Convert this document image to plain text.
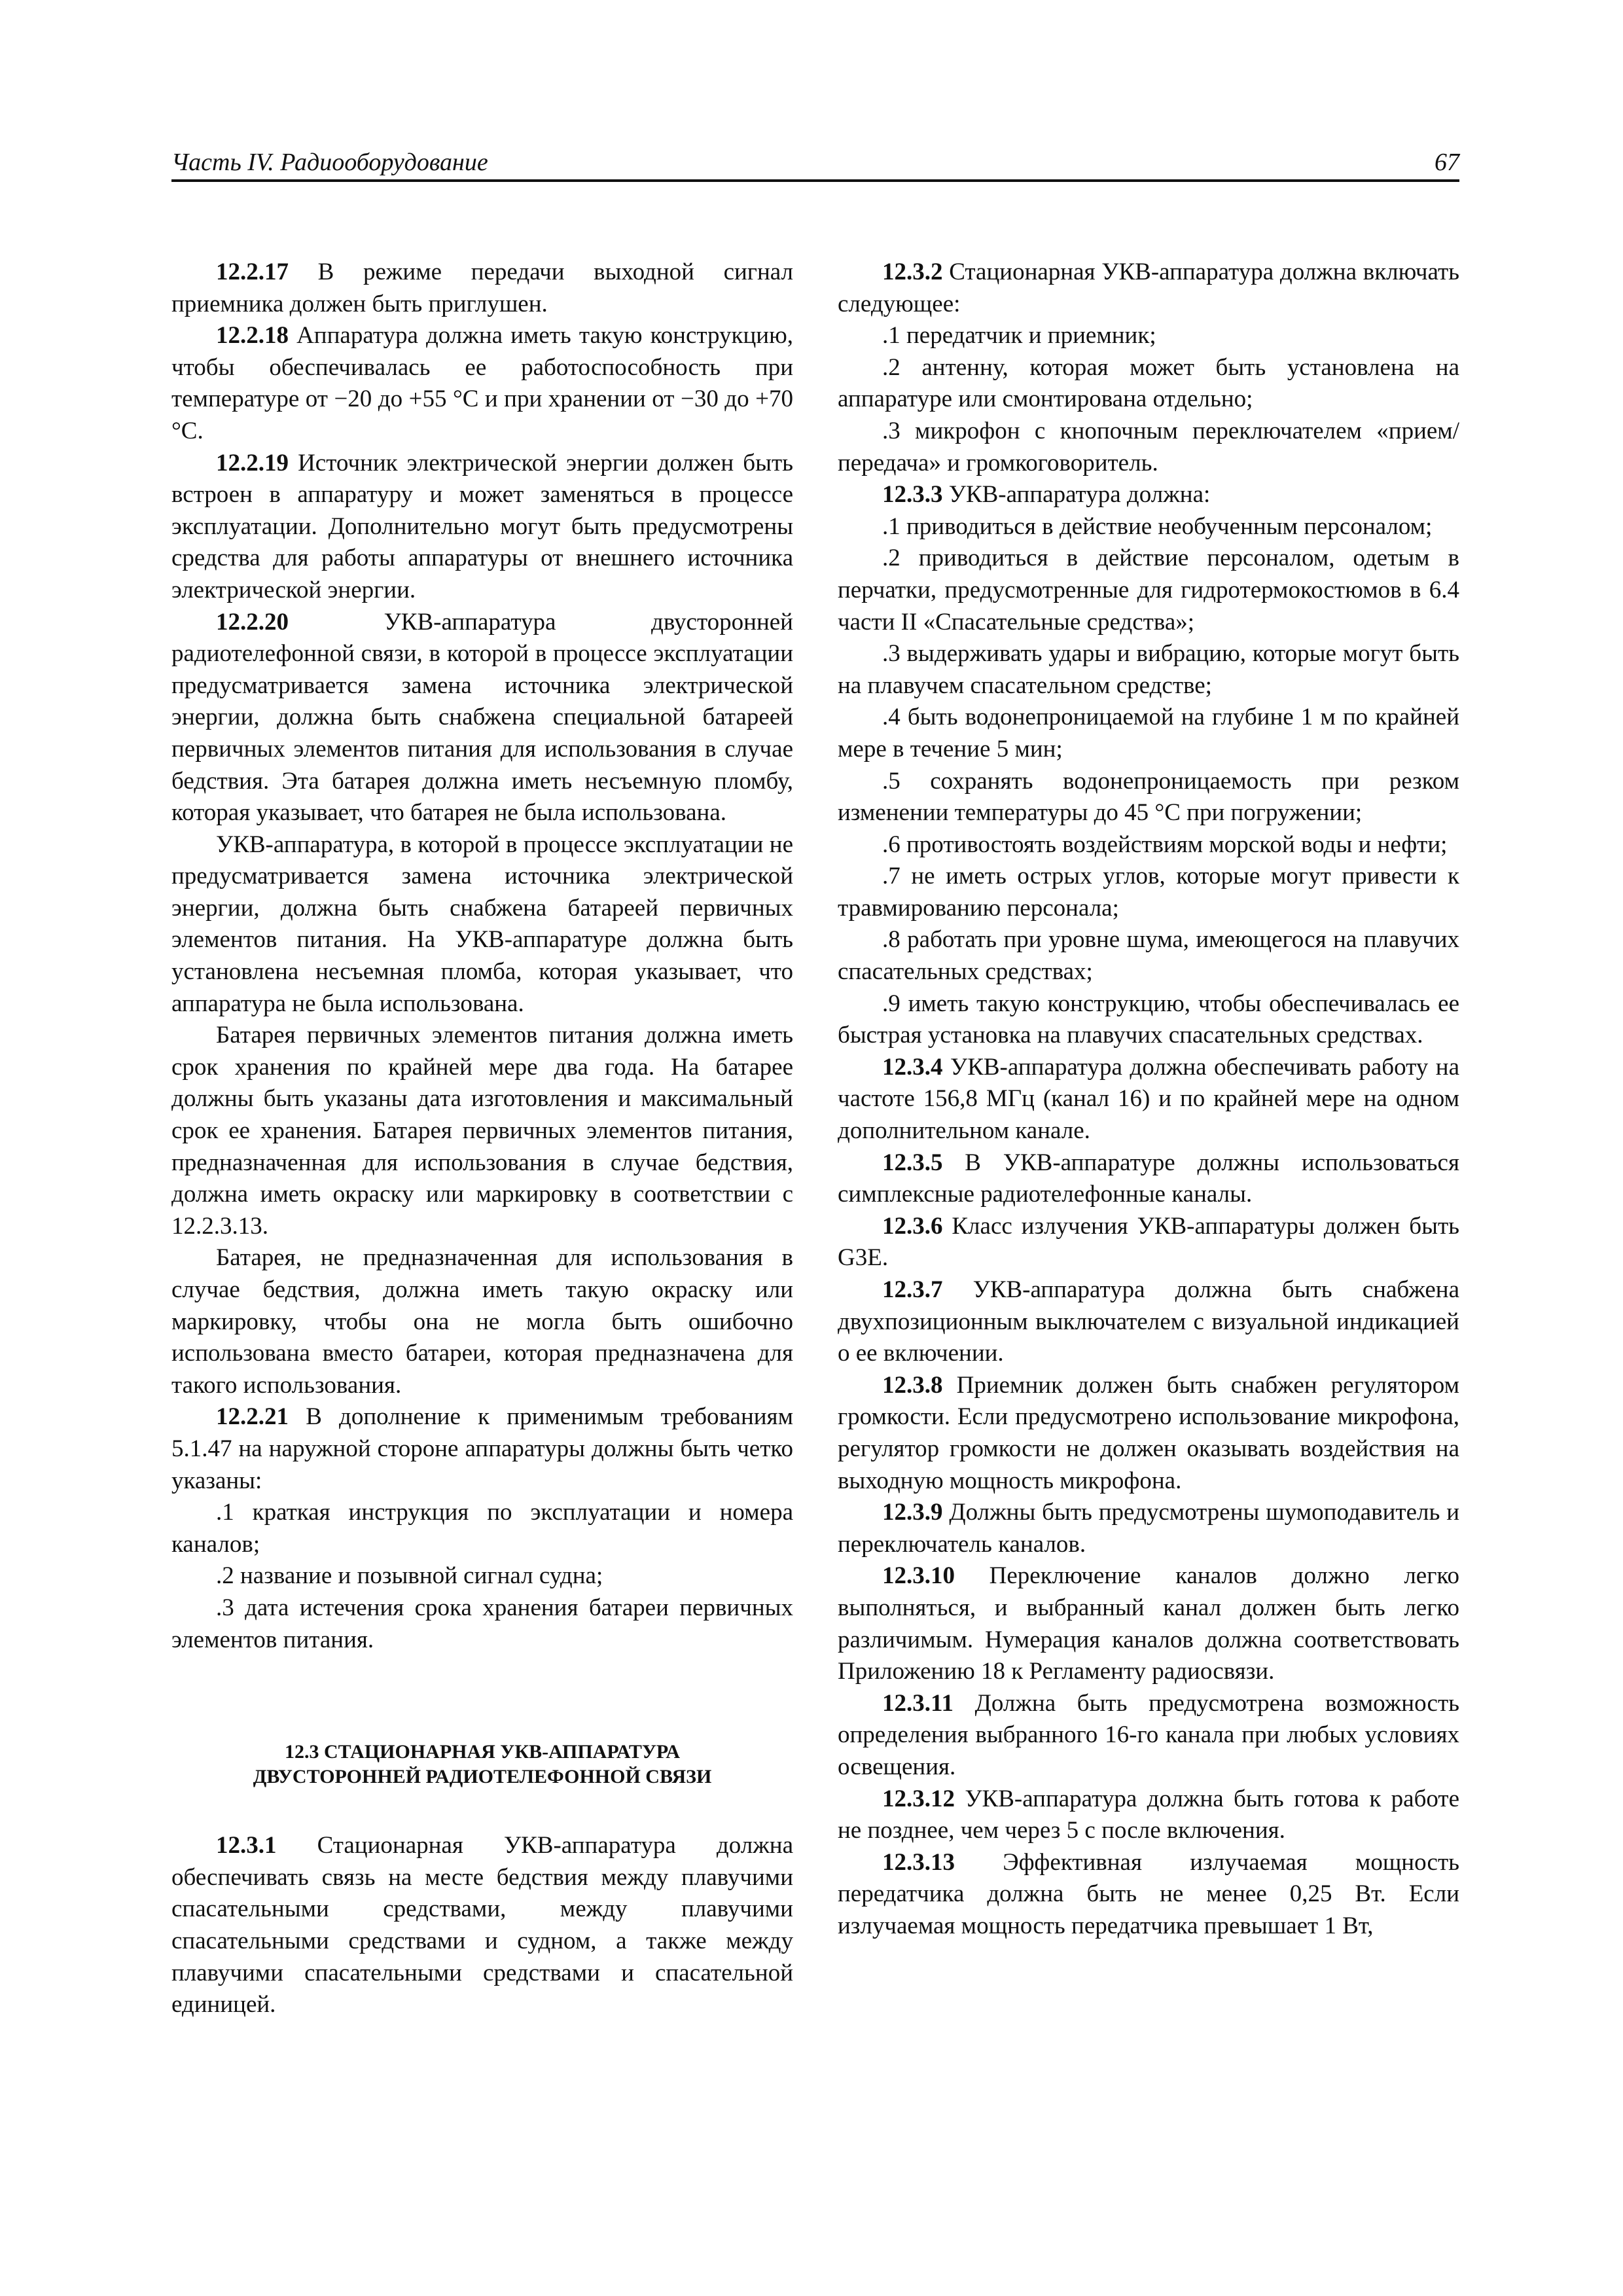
Часть IV. Радиооборудование	67

12.2.17 В режиме передачи выходной сигнал приемника должен быть приглушен.

12.2.18 Аппаратура должна иметь такую конструкцию, чтобы обеспечивалась ее работоспособность при температуре от −20 до +55 °С и при хранении от −30 до +70 °С.

12.2.19 Источник электрической энергии должен быть встроен в аппаратуру и может заменяться в процессе эксплуатации. Дополнительно могут быть предусмотрены средства для работы аппаратуры от внешнего источника электрической энергии.

12.2.20 УКВ-аппаратура двусторонней радиотелефонной связи, в которой в процессе эксплуатации предусматривается замена источника электрической энергии, должна быть снабжена специальной батареей первичных элементов питания для использования в случае бедствия. Эта батарея должна иметь несъемную пломбу, которая указывает, что батарея не была использована.

УКВ-аппаратура, в которой в процессе эксплуатации не предусматривается замена источника электрической энергии, должна быть снабжена батареей первичных элементов питания. На УКВ-аппаратуре должна быть установлена несъемная пломба, которая указывает, что аппаратура не была использована.

Батарея первичных элементов питания должна иметь срок хранения по крайней мере два года. На батарее должны быть указаны дата изготовления и максимальный срок ее хранения. Батарея первичных элементов питания, предназначенная для использования в случае бедствия, должна иметь окраску или маркировку в соответствии с 12.2.3.13.

Батарея, не предназначенная для использования в случае бедствия, должна иметь такую окраску или маркировку, чтобы она не могла быть ошибочно использована вместо батареи, которая предназначена для такого использования.

12.2.21 В дополнение к применимым требованиям 5.1.47 на наружной стороне аппаратуры должны быть четко указаны:

.1 краткая инструкция по эксплуатации и номера каналов;

.2 название и позывной сигнал судна;

.3 дата истечения срока хранения батареи первичных элементов питания.

12.3 СТАЦИОНАРНАЯ УКВ-АППАРАТУРА
ДВУСТОРОННЕЙ РАДИОТЕЛЕФОННОЙ СВЯЗИ

12.3.1 Стационарная УКВ-аппаратура должна обеспечивать связь на месте бедствия между плавучими спасательными средствами, между плавучими спасательными средствами и судном, а также между плавучими спасательными средствами и спасательной единицей.

12.3.2 Стационарная УКВ-аппаратура должна включать следующее:

.1 передатчик и приемник;

.2 антенну, которая может быть установлена на аппаратуре или смонтирована отдельно;

.3 микрофон с кнопочным переключателем «прием/передача» и громкоговоритель.

12.3.3 УКВ-аппаратура должна:

.1 приводиться в действие необученным персоналом;

.2 приводиться в действие персоналом, одетым в перчатки, предусмотренные для гидротермокостюмов в 6.4 части II «Спасательные средства»;

.3 выдерживать удары и вибрацию, которые могут быть на плавучем спасательном средстве;

.4 быть водонепроницаемой на глубине 1 м по крайней мере в течение 5 мин;

.5 сохранять водонепроницаемость при резком изменении температуры до 45 °С при погружении;

.6 противостоять воздействиям морской воды и нефти;

.7 не иметь острых углов, которые могут привести к травмированию персонала;

.8 работать при уровне шума, имеющегося на плавучих спасательных средствах;

.9 иметь такую конструкцию, чтобы обеспечивалась ее быстрая установка на плавучих спасательных средствах.

12.3.4 УКВ-аппаратура должна обеспечивать работу на частоте 156,8 МГц (канал 16) и по крайней мере на одном дополнительном канале.

12.3.5 В УКВ-аппаратуре должны использоваться симплексные радиотелефонные каналы.

12.3.6 Класс излучения УКВ-аппаратуры должен быть G3E.

12.3.7 УКВ-аппаратура должна быть снабжена двухпозиционным выключателем с визуальной индикацией о ее включении.

12.3.8 Приемник должен быть снабжен регулятором громкости. Если предусмотрено использование микрофона, регулятор громкости не должен оказывать воздействия на выходную мощность микрофона.

12.3.9 Должны быть предусмотрены шумоподавитель и переключатель каналов.

12.3.10 Переключение каналов должно легко выполняться, и выбранный канал должен быть легко различимым. Нумерация каналов должна соответствовать Приложению 18 к Регламенту радиосвязи.

12.3.11 Должна быть предусмотрена возможность определения выбранного 16-го канала при любых условиях освещения.

12.3.12 УКВ-аппаратура должна быть готова к работе не позднее, чем через 5 с после включения.

12.3.13 Эффективная излучаемая мощность передатчика должна быть не менее 0,25 Вт. Если излучаемая мощность передатчика превышает 1 Вт,
